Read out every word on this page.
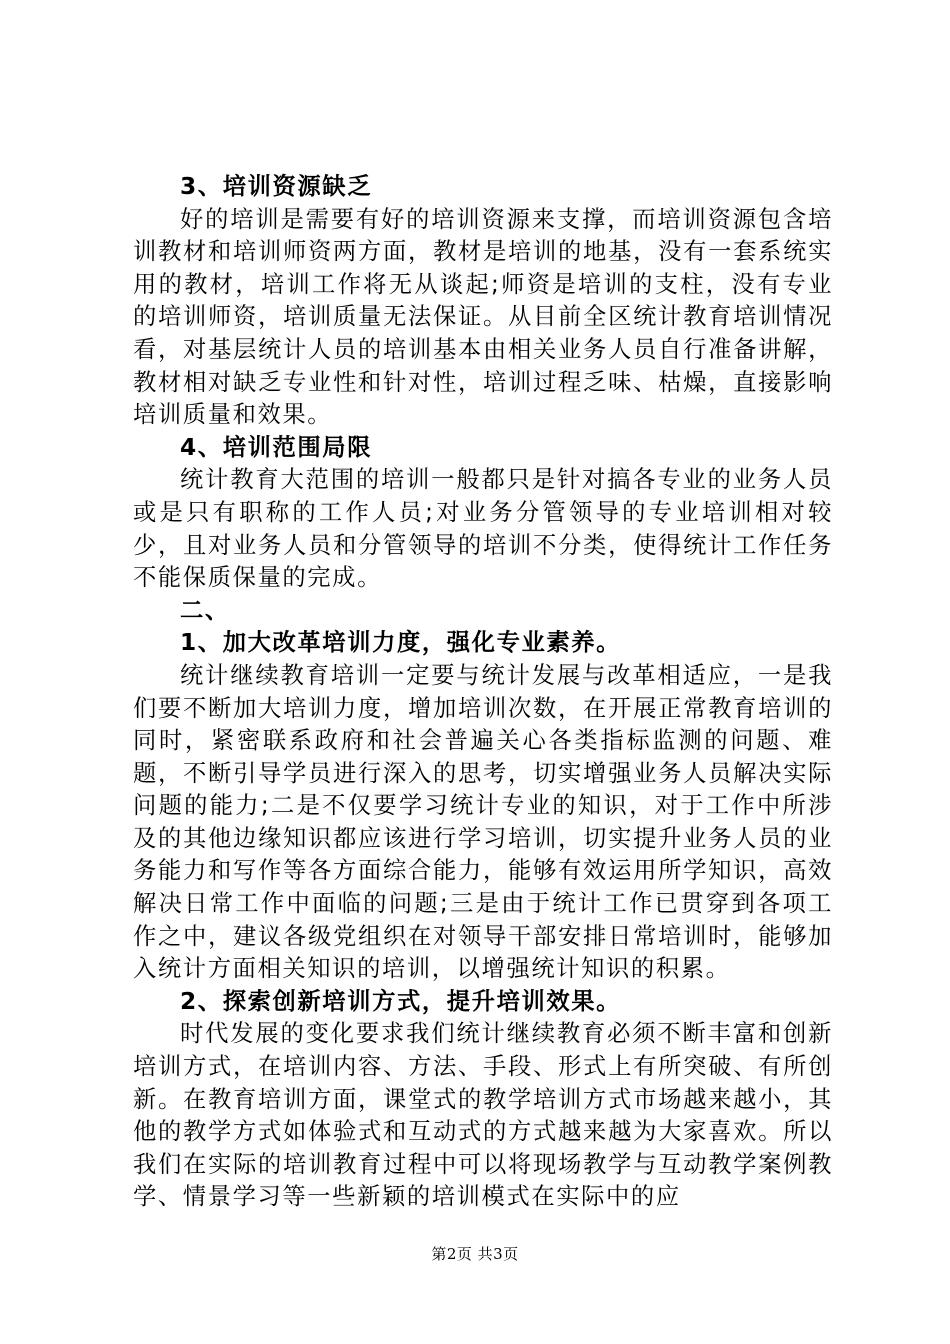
3、培训资源缺乏

好的培训是需要有好的培训资源来支撑，而培训资源包含培训教材和培训师资两方面，教材是培训的地基，没有一套系统实用的教材，培训工作将无从谈起;师资是培训的支柱，没有专业的培训师资，培训质量无法保证。从目前全区统计教育培训情况看，对基层统计人员的培训基本由相关业务人员自行准备讲解，教材相对缺乏专业性和针对性，培训过程乏味、枯燥，直接影响培训质量和效果。

4、培训范围局限

统计教育大范围的培训一般都只是针对搞各专业的业务人员或是只有职称的工作人员;对业务分管领导的专业培训相对较少，且对业务人员和分管领导的培训不分类，使得统计工作任务不能保质保量的完成。

二、

1、加大改革培训力度，强化专业素养。

统计继续教育培训一定要与统计发展与改革相适应，一是我们要不断加大培训力度，增加培训次数，在开展正常教育培训的同时，紧密联系政府和社会普遍关心各类指标监测的问题、难题，不断引导学员进行深入的思考，切实增强业务人员解决实际问题的能力;二是不仅要学习统计专业的知识，对于工作中所涉及的其他边缘知识都应该进行学习培训，切实提升业务人员的业务能力和写作等各方面综合能力，能够有效运用所学知识，高效解决日常工作中面临的问题;三是由于统计工作已贯穿到各项工作之中，建议各级党组织在对领导干部安排日常培训时，能够加入统计方面相关知识的培训，以增强统计知识的积累。

2、探索创新培训方式，提升培训效果。

时代发展的变化要求我们统计继续教育必须不断丰富和创新培训方式，在培训内容、方法、手段、形式上有所突破、有所创新。在教育培训方面，课堂式的教学培训方式市场越来越小，其他的教学方式如体验式和互动式的方式越来越为大家喜欢。所以我们在实际的培训教育过程中可以将现场教学与互动教学案例教学、情景学习等一些新颖的培训模式在实际中的应

第2页 共3页
